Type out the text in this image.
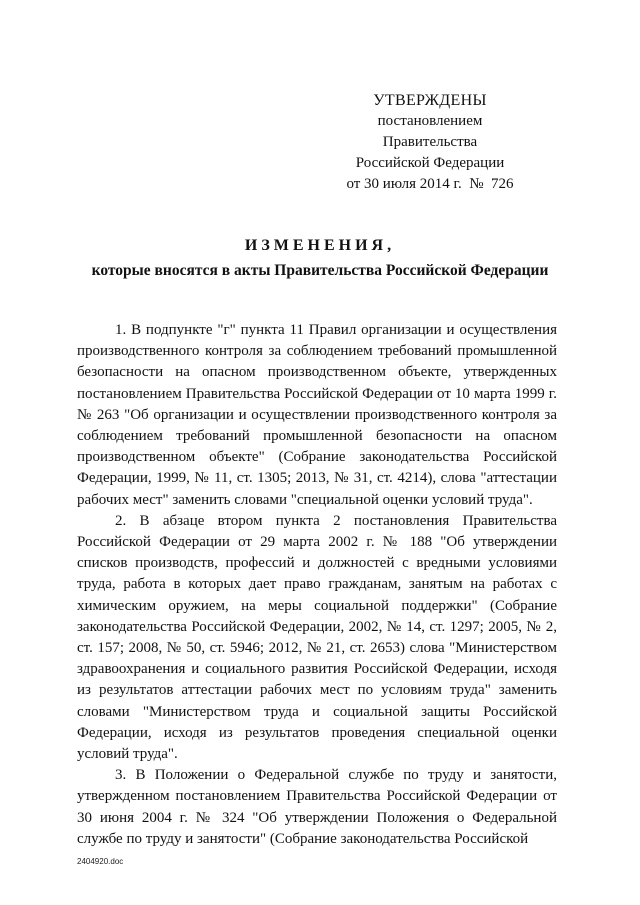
УТВЕРЖДЕНЫ
постановлением Правительства
Российской Федерации
от 30 июля 2014 г.  №  726
ИЗМЕНЕНИЯ,
которые вносятся в акты Правительства Российской Федерации

1. В подпункте "г" пункта 11 Правил организации и осуществления производственного контроля за соблюдением требований промышленной безопасности на опасном производственном объекте, утвержденных постановлением Правительства Российской Федерации от 10 марта 1999 г. № 263 "Об организации и осуществлении производственного контроля за соблюдением требований промышленной безопасности на опасном производственном объекте" (Собрание законодательства Российской Федерации, 1999, № 11, ст. 1305; 2013, № 31, ст. 4214), слова "аттестации рабочих мест" заменить словами "специальной оценки условий труда".

2. В абзаце втором пункта 2 постановления Правительства Российской Федерации от 29 марта 2002 г. № 188 "Об утверждении списков производств, профессий и должностей с вредными условиями труда, работа в которых дает право гражданам, занятым на работах с химическим оружием, на меры социальной поддержки" (Собрание законодательства Российской Федерации, 2002, № 14, ст. 1297; 2005, № 2, ст. 157; 2008, № 50, ст. 5946; 2012, № 21, ст. 2653) слова "Министерством здравоохранения и социального развития Российской Федерации, исходя из результатов аттестации рабочих мест по условиям труда" заменить словами "Министерством труда и социальной защиты Российской Федерации, исходя из результатов проведения специальной оценки условий труда".

3. В Положении о Федеральной службе по труду и занятости, утвержденном постановлением Правительства Российской Федерации от 30 июня 2004 г. № 324 "Об утверждении Положения о Федеральной службе по труду и занятости" (Собрание законодательства Российской

2404920.doc
